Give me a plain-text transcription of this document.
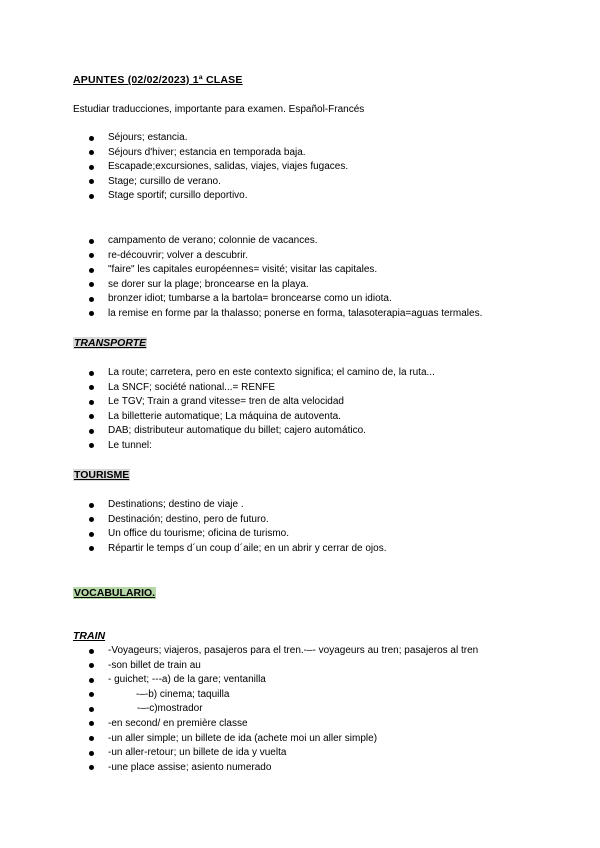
APUNTES (02/02/2023) 1ª CLASE
Estudiar traducciones, importante para examen. Español-Francés
Séjours; estancia.
Séjours d'hiver; estancia en temporada baja.
Escapade;excursiones, salidas, viajes, viajes fugaces.
Stage; cursillo de verano.
Stage sportif; cursillo deportivo.
campamento de verano; colonnie de vacances.
re-découvrir; volver a descubrir.
"faire" les capitales européennes= visité; visitar las capitales.
se dorer sur la plage; broncearse en la playa.
bronzer idiot; tumbarse a la bartola= broncearse como un idiota.
la remise en forme par la thalasso; ponerse en forma, talasoterapia=aguas termales.
TRANSPORTE
La route; carretera, pero en este contexto significa; el camino de, la ruta...
La SNCF; société national...= RENFE
Le TGV; Train a grand vitesse= tren de alta velocidad
La billetterie automatique; La máquina de autoventa.
DAB; distributeur automatique du billet; cajero automático.
Le tunnel:
TOURISME
Destinations; destino de viaje .
Destinación; destino, pero de futuro.
Un office du tourisme; oficina de turismo.
Répartir le temps d´un coup d´aile; en un abrir y cerrar de ojos.
VOCABULARIO.
TRAIN
-Voyageurs; viajeros, pasajeros para el tren.-–- voyageurs au tren; pasajeros al tren
-son billet de train au
- guichet; ---a) de la gare; ventanilla
-–-b) cinema; taquilla
-–-c)mostrador
-en second/ en première classe
-un aller simple; un billete de ida (achete moi un aller simple)
-un aller-retour; un billete de ida y vuelta
-une place assise; asiento numerado
